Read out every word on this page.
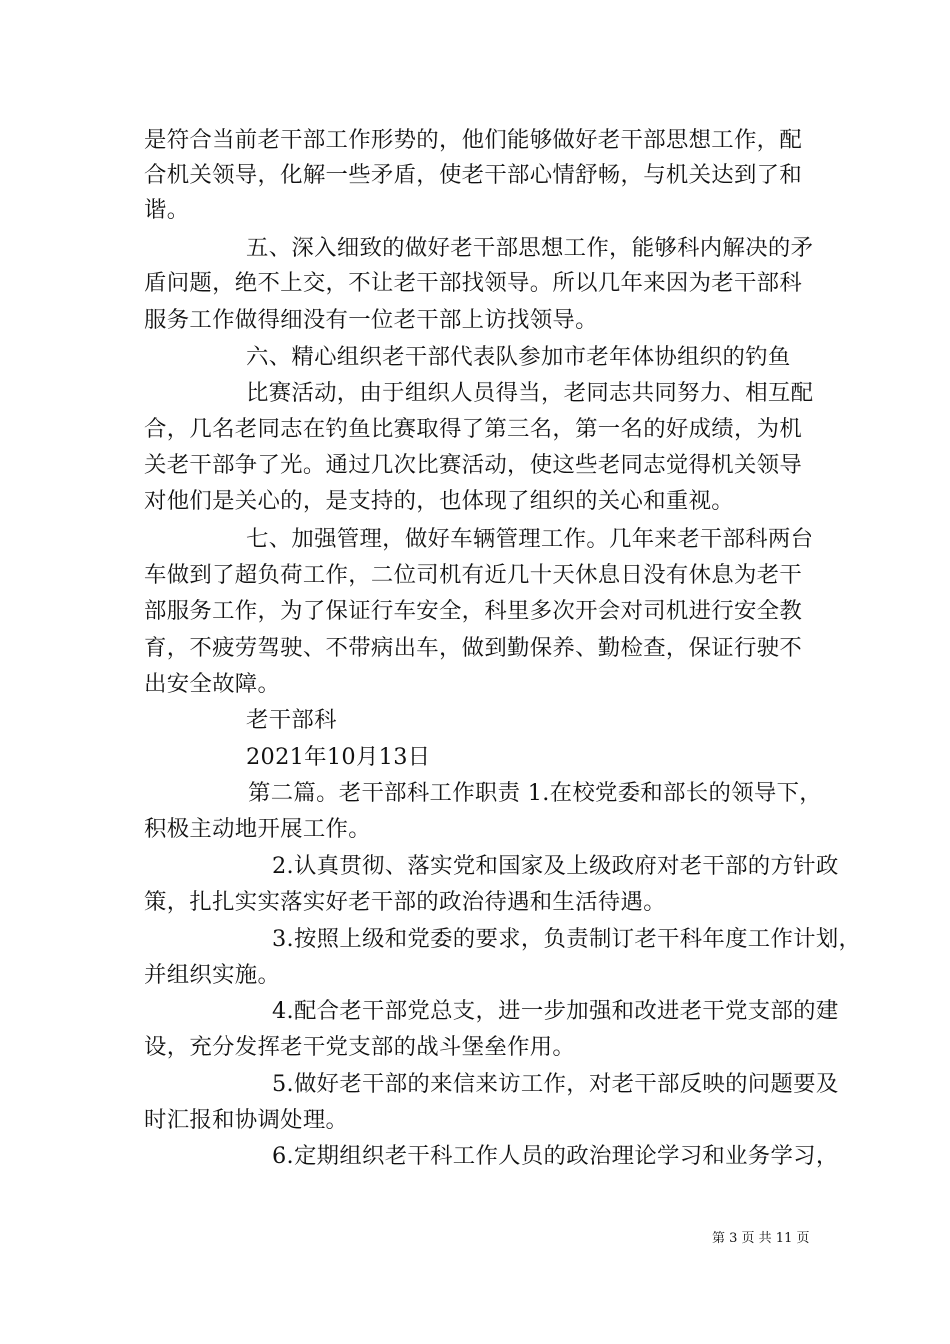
是符合当前老干部工作形势的，他们能够做好老干部思想工作，配
合机关领导，化解一些矛盾，使老干部心情舒畅，与机关达到了和
谐。
五、深入细致的做好老干部思想工作，能够科内解决的矛
盾问题，绝不上交，不让老干部找领导。所以几年来因为老干部科
服务工作做得细没有一位老干部上访找领导。
六、精心组织老干部代表队参加市老年体协组织的钓鱼
比赛活动，由于组织人员得当，老同志共同努力、相互配
合，几名老同志在钓鱼比赛取得了第三名，第一名的好成绩，为机
关老干部争了光。通过几次比赛活动，使这些老同志觉得机关领导
对他们是关心的，是支持的，也体现了组织的关心和重视。
七、加强管理，做好车辆管理工作。几年来老干部科两台
车做到了超负荷工作，二位司机有近几十天休息日没有休息为老干
部服务工作，为了保证行车安全，科里多次开会对司机进行安全教
育，不疲劳驾驶、不带病出车，做到勤保养、勤检查，保证行驶不
出安全故障。
老干部科
2021年10月13日
第二篇。老干部科工作职责 1.在校党委和部长的领导下，
积极主动地开展工作。
2.认真贯彻、落实党和国家及上级政府对老干部的方针政
策，扎扎实实落实好老干部的政治待遇和生活待遇。
3.按照上级和党委的要求，负责制订老干科年度工作计划，
并组织实施。
4.配合老干部党总支，进一步加强和改进老干党支部的建
设，充分发挥老干党支部的战斗堡垒作用。
5.做好老干部的来信来访工作，对老干部反映的问题要及
时汇报和协调处理。
6.定期组织老干科工作人员的政治理论学习和业务学习，
第 3 页 共 11 页
